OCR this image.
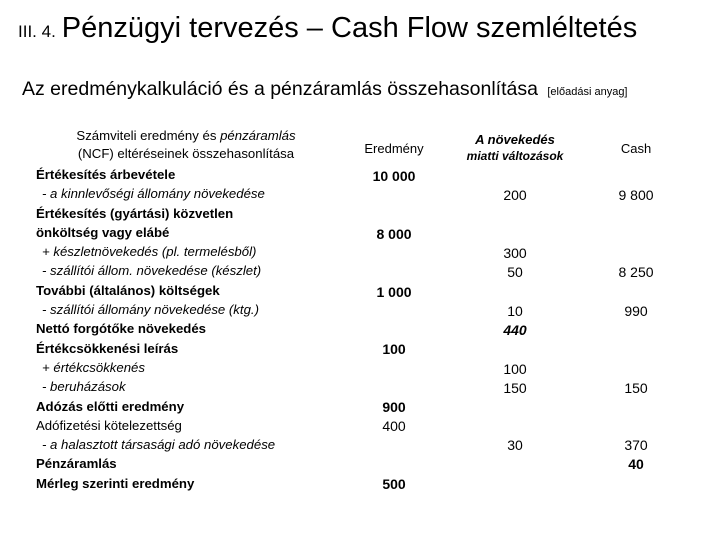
III. 4. Pénzügyi tervezés – Cash Flow szemléltetés
Az eredménykalkuláció és a pénzáramlás összehasonlítása [előadási anyag]
Számviteli eredmény és pénzáramlás
(NCF) eltéréseinek összehasonlítása
Értékesítés árbevétele
- a kinnlevőségi állomány növekedése
Értékesítés (gyártási) közvetlen
önköltség vagy elábé
+ készletnövekedés (pl. termelésből)
- szállítói állom. növekedése (készlet)
További (általános) költségek
- szállítói állomány növekedése (ktg.)
Nettó forgótőke növekedés
Értékcsökkenési leírás
+ értékcsökkenés
- beruházások
Adózás előtti eredmény
Adófizetési kötelezettség
- a halasztott társasági adó növekedése
Pénzáramlás
Mérleg szerinti eredmény
Eredmény
A növekedés
miatti változások	Cash
10 000
8 000
1 000
100
900
400
500
200
300
50
10
440
100
150
30
9 800
8 250
990
150
370
40
